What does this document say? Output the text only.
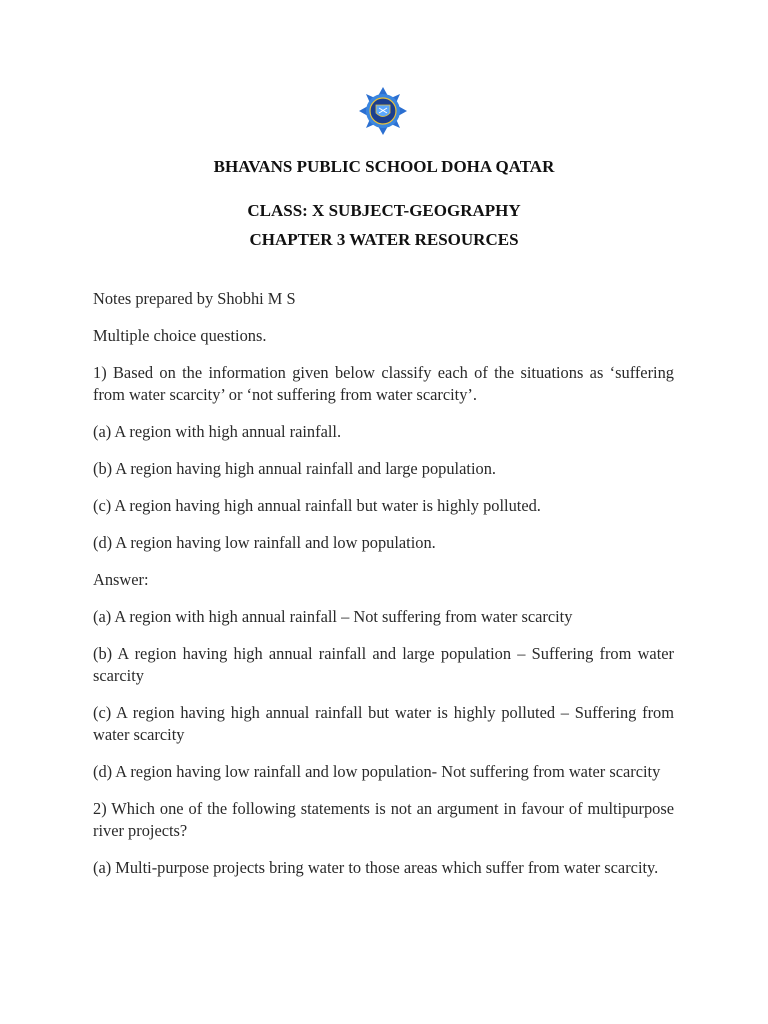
BHAVANS PUBLIC SCHOOL DOHA QATAR
CLASS: X SUBJECT-GEOGRAPHY
CHAPTER 3 WATER RESOURCES

Notes prepared by Shobhi M S

Multiple choice questions.

1) Based on the information given below classify each of the situations as ‘suffering from water scarcity’ or ‘not suffering from water scarcity’.

(a) A region with high annual rainfall.

(b) A region having high annual rainfall and large population.

(c) A region having high annual rainfall but water is highly polluted.

(d) A region having low rainfall and low population.

Answer:

(a) A region with high annual rainfall – Not suffering from water scarcity

(b) A region having high annual rainfall and large population – Suffering from water scarcity

(c) A region having high annual rainfall but water is highly polluted – Suffering from water scarcity

(d) A region having low rainfall and low population- Not suffering from water scarcity

2) Which one of the following statements is not an argument in favour of multipurpose river projects?

(a) Multi-purpose projects bring water to those areas which suffer from water scarcity.
